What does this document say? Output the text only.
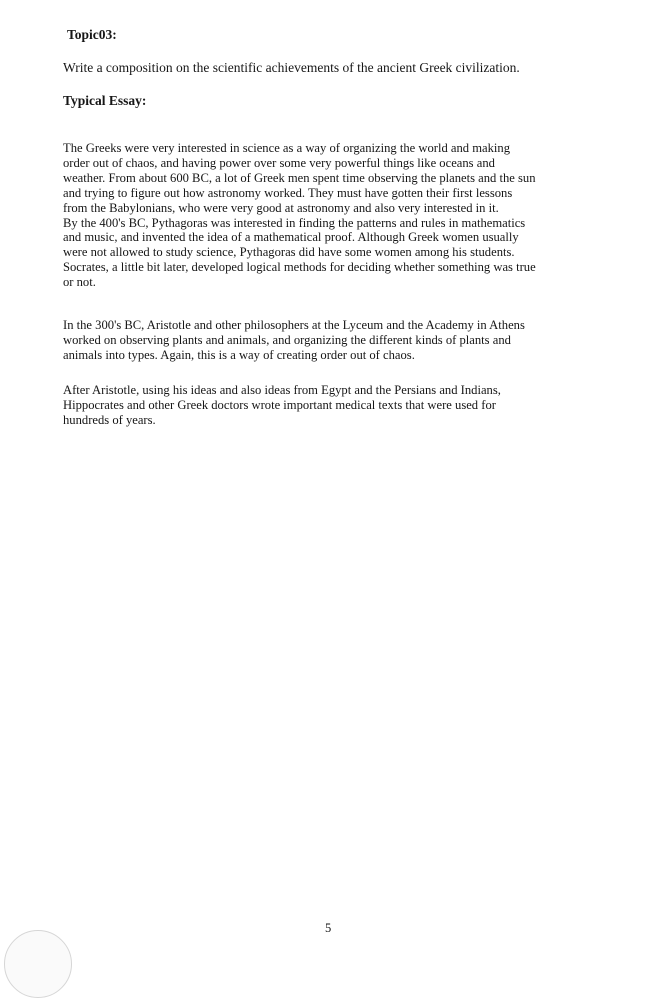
Topic03:

Write a composition on the scientific achievements of the ancient Greek civilization.

Typical Essay:

The Greeks were very interested in science as a way of organizing the world and making
order out of chaos, and having power over some very powerful things like oceans and
weather. From about 600 BC, a lot of Greek men spent time observing the planets and the sun
and trying to figure out how astronomy worked. They must have gotten their first lessons
from the Babylonians, who were very good at astronomy and also very interested in it.
By the 400's BC, Pythagoras was interested in finding the patterns and rules in mathematics
and music, and invented the idea of a mathematical proof. Although Greek women usually
were not allowed to study science, Pythagoras did have some women among his students.
Socrates, a little bit later, developed logical methods for deciding whether something was true
or not.

In the 300's BC, Aristotle and other philosophers at the Lyceum and the Academy in Athens
worked on observing plants and animals, and organizing the different kinds of plants and
animals into types. Again, this is a way of creating order out of chaos.

After Aristotle, using his ideas and also ideas from Egypt and the Persians and Indians,
Hippocrates and other Greek doctors wrote important medical texts that were used for
hundreds of years.

5
